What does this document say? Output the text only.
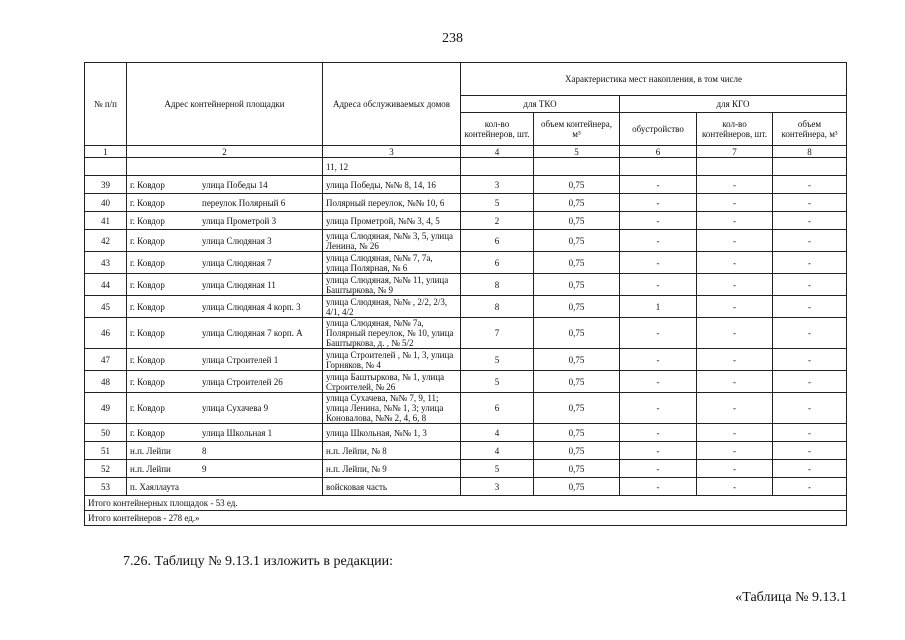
238
№ п/п	Адрес контейнерной площадки	Адреса обслуживаемых домов	Характеристика мест накопления, в том числе				
			для ТКО		для КГО		
			кол-во контейнеров, шт.	объем контейнера, м³	обустройство	кол-во контейнеров, шт.	объем контейнера, м³
1	2	3	4	5	6	7	8
		11, 12					
39	г. Ковдор улица Победы 14	улица Победы, №№ 8, 14, 16	3	0,75	-	-	-
40	г. Ковдор переулок Полярный 6	Полярный переулок, №№ 10, 6	5	0,75	-	-	-
41	г. Ковдор улица Прометрой 3	улица Прометрой, №№ 3, 4, 5	2	0,75	-	-	-
42	г. Ковдор улица Слюдяная 3	улица Слюдяная, №№ 3, 5, улица Ленина, № 26	6	0,75	-	-	-
43	г. Ковдор улица Слюдяная 7	улица Слюдяная, №№ 7, 7а, улица Полярная, № 6	6	0,75	-	-	-
44	г. Ковдор улица Слюдяная 11	улица Слюдяная, №№ 11, улица Баштыркова, № 9	8	0,75	-	-	-
45	г. Ковдор улица Слюдяная 4 корп. 3	улица Слюдяная, №№ , 2/2, 2/3, 4/1, 4/2	8	0,75	1	-	-
46	г. Ковдор улица Слюдяная 7 корп. А	улица Слюдяная, №№ 7а, Полярный переулок, № 10, улица Баштыркова, д. , № 5/2	7	0,75	-	-	-
47	г. Ковдор улица Строителей 1	улица Строителей , № 1, 3, улица Горняков, № 4	5	0,75	-	-	-
48	г. Ковдор улица Строителей 26	улица Баштыркова, № 1, улица Строителей, № 26	5	0,75	-	-	-
49	г. Ковдор улица Сухачева 9	улица Сухачева, №№ 7, 9, 11; улица Ленина, №№ 1, 3; улица Коновалова, №№ 2, 4, 6, 8	6	0,75	-	-	-
50	г. Ковдор улица Школьная 1	улица Школьная, №№ 1, 3	4	0,75	-	-	-
51	н.п. Лейпи 8	н.п. Лейпи, № 8	4	0,75	-	-	-
52	н.п. Лейпи 9	н.п. Лейпи, № 9	5	0,75	-	-	-
53	п. Хаяллаута	войсковая часть	3	0,75	-	-	-
Итого контейнерных площадок - 53 ед.							
Итого контейнеров - 278 ед.»							
7.26. Таблицу № 9.13.1 изложить в редакции:
«Таблица № 9.13.1
